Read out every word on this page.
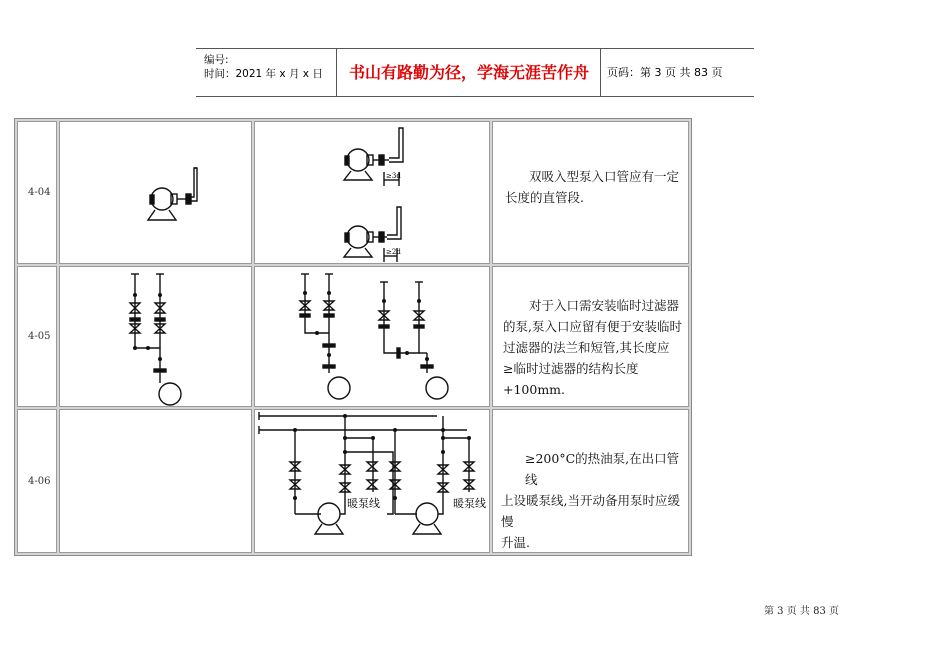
编号:
时间：2021 年 x 月 x 日	书山有路勤为径，学海无涯苦作舟	页码：第 3 页 共 83 页
4-04
≥3d
≥2d

双吸入型泵入口管应有一定

长度的直管段.

4-05

对于入口需安装临时过滤器

的泵,泵入口应留有便于安装临时

过滤器的法兰和短管,其长度应

≥临时过滤器的结构长度+100mm.

4-06
暖泵线	暖泵线

≥200°C的热油泵,在出口管线

上设暖泵线,当开动备用泵时应缓慢

升温.

第 3 页 共 83 页
